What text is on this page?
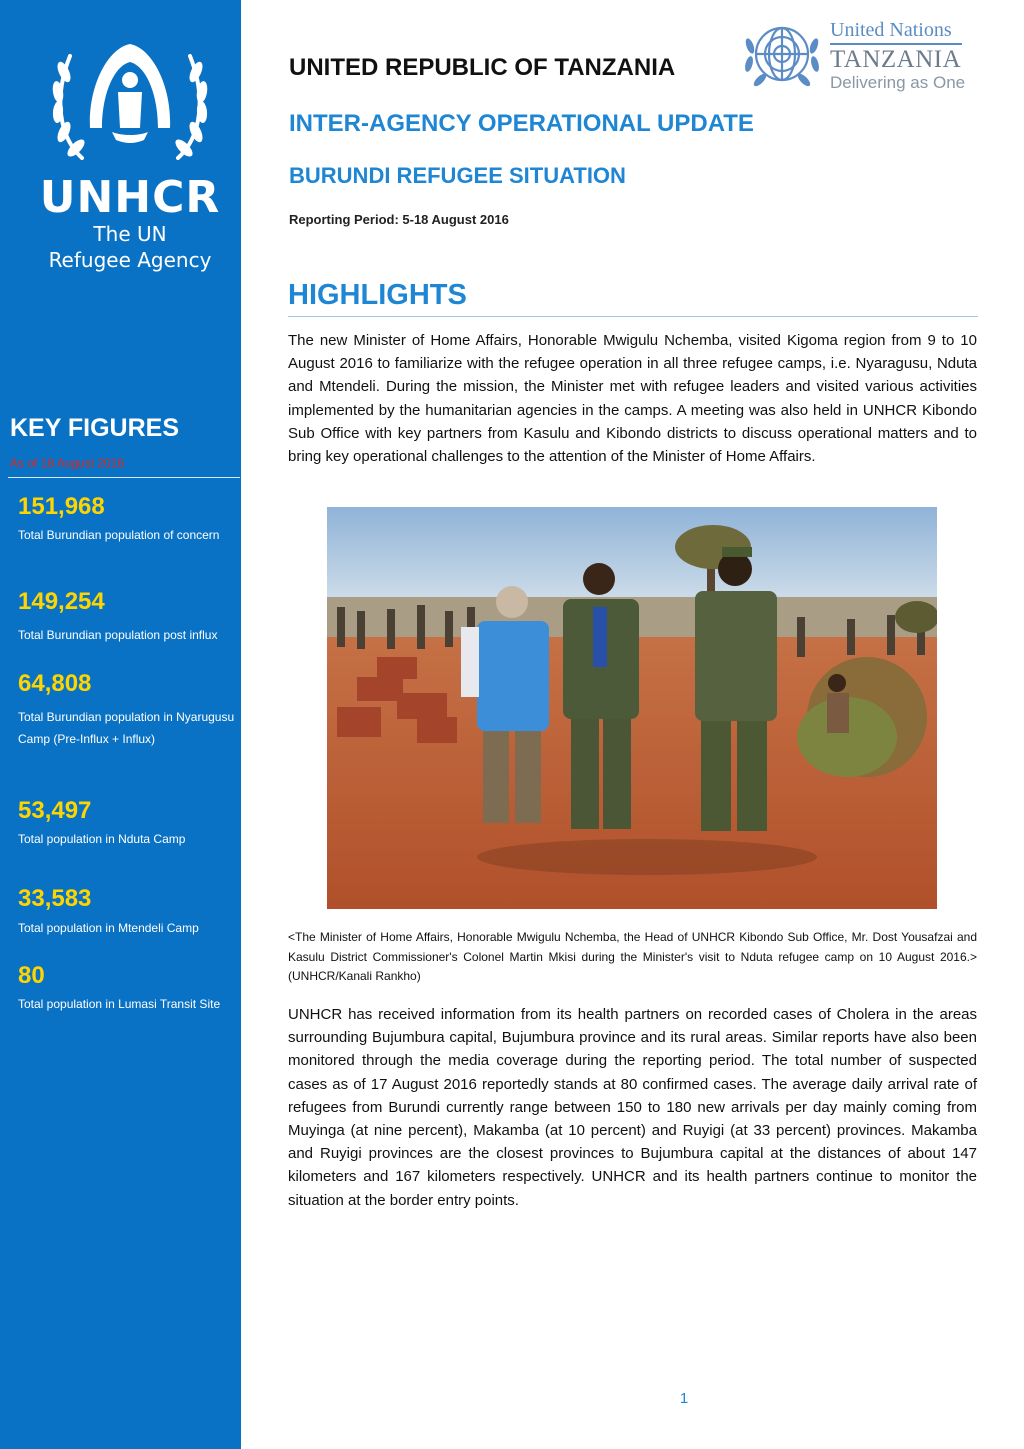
UNHCR
The UN
Refugee Agency
KEY FIGURES
As of 18 August 2016
151,968
Total Burundian population of concern
149,254
Total Burundian population post influx
64,808
Total Burundian population in Nyarugusu Camp (Pre-Influx + Influx)
53,497
Total population in Nduta Camp
33,583
Total population in Mtendeli Camp
80
Total population in Lumasi Transit Site
UNITED REPUBLIC OF TANZANIA
INTER-AGENCY OPERATIONAL UPDATE
BURUNDI REFUGEE SITUATION
Reporting Period: 5-18 August 2016
United Nations
TANZANIA
Delivering as One
HIGHLIGHTS
The new Minister of Home Affairs, Honorable Mwigulu Nchemba, visited Kigoma region from 9 to 10 August 2016 to familiarize with the refugee operation in all three refugee camps, i.e. Nyaragusu, Nduta and Mtendeli. During the mission, the Minister met with refugee leaders and visited various activities implemented by the humanitarian agencies in the camps. A meeting was also held in UNHCR Kibondo Sub Office with key partners from Kasulu and Kibondo districts to discuss operational matters and to bring key operational challenges to the attention of the Minister of Home Affairs.
<The Minister of Home Affairs, Honorable Mwigulu Nchemba, the Head of UNHCR Kibondo Sub Office, Mr. Dost Yousafzai and Kasulu District Commissioner's Colonel Martin Mkisi during the Minister's visit to Nduta refugee camp on 10 August 2016.> (UNHCR/Kanali Rankho)
UNHCR has received information from its health partners on recorded cases of Cholera in the areas surrounding Bujumbura capital, Bujumbura province and its rural areas. Similar reports have also been monitored through the media coverage during the reporting period. The total number of suspected cases as of 17 August 2016 reportedly stands at 80 confirmed cases. The average daily arrival rate of refugees from Burundi currently range between 150 to 180 new arrivals per day mainly coming from Muyinga (at nine percent), Makamba (at 10 percent) and Ruyigi (at 33 percent) provinces. Makamba and Ruyigi provinces are the closest provinces to Bujumbura capital at the distances of about 147 kilometers and 167 kilometers respectively. UNHCR and its health partners continue to monitor the situation at the border entry points.
1
